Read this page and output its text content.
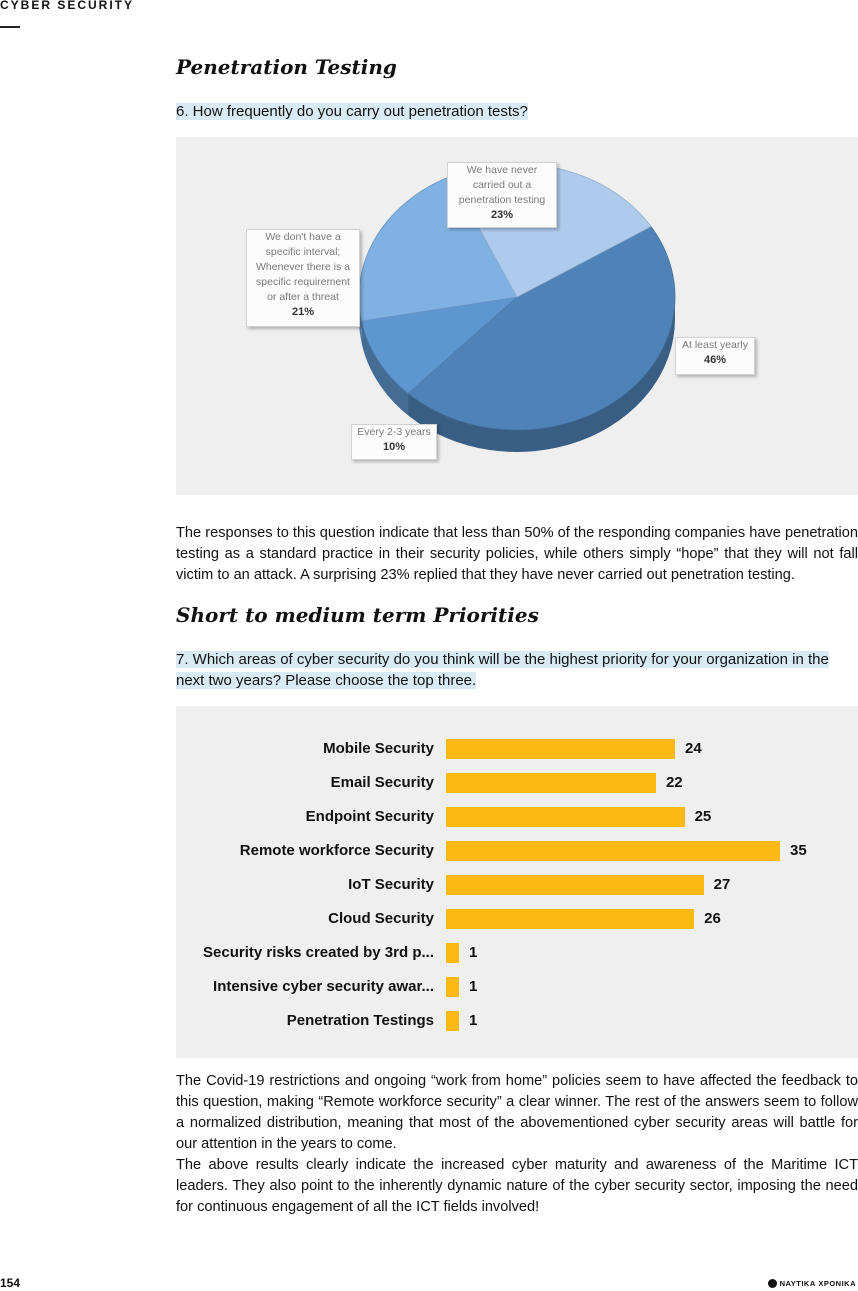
CYBER SECURITY
Penetration Testing
6. How frequently do you carry out penetration tests?
We have never
carried out a
penetration testing
23%
We don't have a
specific interval;
Whenever there is a
specific requirement
or after a threat
21%
At least yearly
46%
Every 2-3 years
10%

The responses to this question indicate that less than 50% of the responding companies have penetration testing as a standard practice in their security policies, while others simply “hope” that they will not fall victim to an attack. A surprising 23% replied that they have never carried out penetration testing.

Short to medium term Priorities
7. Which areas of cyber security do you think will be the highest priority for your organization in the next two years? Please choose the top three.
Mobile Security	24
Email Security	22
Endpoint Security	25
Remote workforce Security	35
IoT Security	27
Cloud Security	26
Security risks created by 3rd p... 1
Intensive cyber security awar... 1
Penetration Testings 1

The Covid-19 restrictions and ongoing “work from home” policies seem to have affected the feedback to this question, making “Remote workforce security” a clear winner. The rest of the answers seem to follow a normalized distribution, meaning that most of the abovementioned cyber security areas will battle for our attention in the years to come.

The above results clearly indicate the increased cyber maturity and awareness of the Maritime ICT leaders. They also point to the inherently dynamic nature of the cyber security sector, imposing the need for continuous engagement of all the ICT fields involved!

154	ΝΑΥΤΙΚΑ ΧΡΟΝΙΚΑ
